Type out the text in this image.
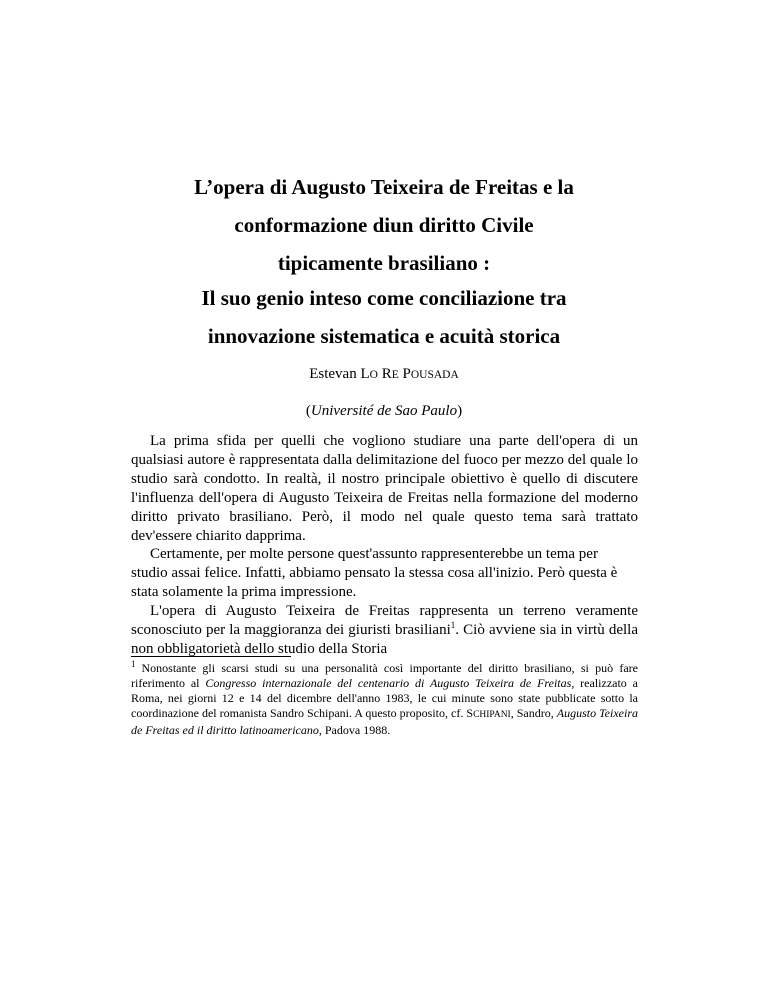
L’opera di Augusto Teixeira de Freitas e la
conformazione diun diritto Civile
tipicamente brasiliano :
Il suo genio inteso come conciliazione tra
innovazione sistematica e acuità storica
Estevan LO RE POUSADA
(Université de Sao Paulo)

La prima sfida per quelli che vogliono studiare una parte dell'opera di un qualsiasi autore è rappresentata dalla delimitazione del fuoco per mezzo del quale lo studio sarà condotto. In realtà, il nostro principale obiettivo è quello di discutere l'influenza dell'opera di Augusto Teixeira de Freitas nella formazione del moderno diritto privato brasiliano. Però, il modo nel quale questo tema sarà trattato dev'essere chiarito dapprima.

Certamente, per molte persone quest'assunto rappresenterebbe un tema per studio assai felice. Infatti, abbiamo pensato la stessa cosa all'inizio. Però questa è stata solamente la prima impressione.

L'opera di Augusto Teixeira de Freitas rappresenta un terreno veramente sconosciuto per la maggioranza dei giuristi brasiliani$^1$. Ciò avviene sia in virtù della non obbligatorietà dello studio della Storia

$^1$ Nonostante gli scarsi studi su una personalità così importante del diritto brasiliano, si può fare riferimento al Congresso internazionale del centenario di Augusto Teixeira de Freitas, realizzato a Roma, nei giorni 12 e 14 del dicembre dell'anno 1983, le cui minute sono state pubblicate sotto la coordinazione del romanista Sandro Schipani. A questo proposito, cf. SCHIPANI, Sandro, Augusto Teixeira de Freitas ed il diritto latinoamericano, Padova 1988.
